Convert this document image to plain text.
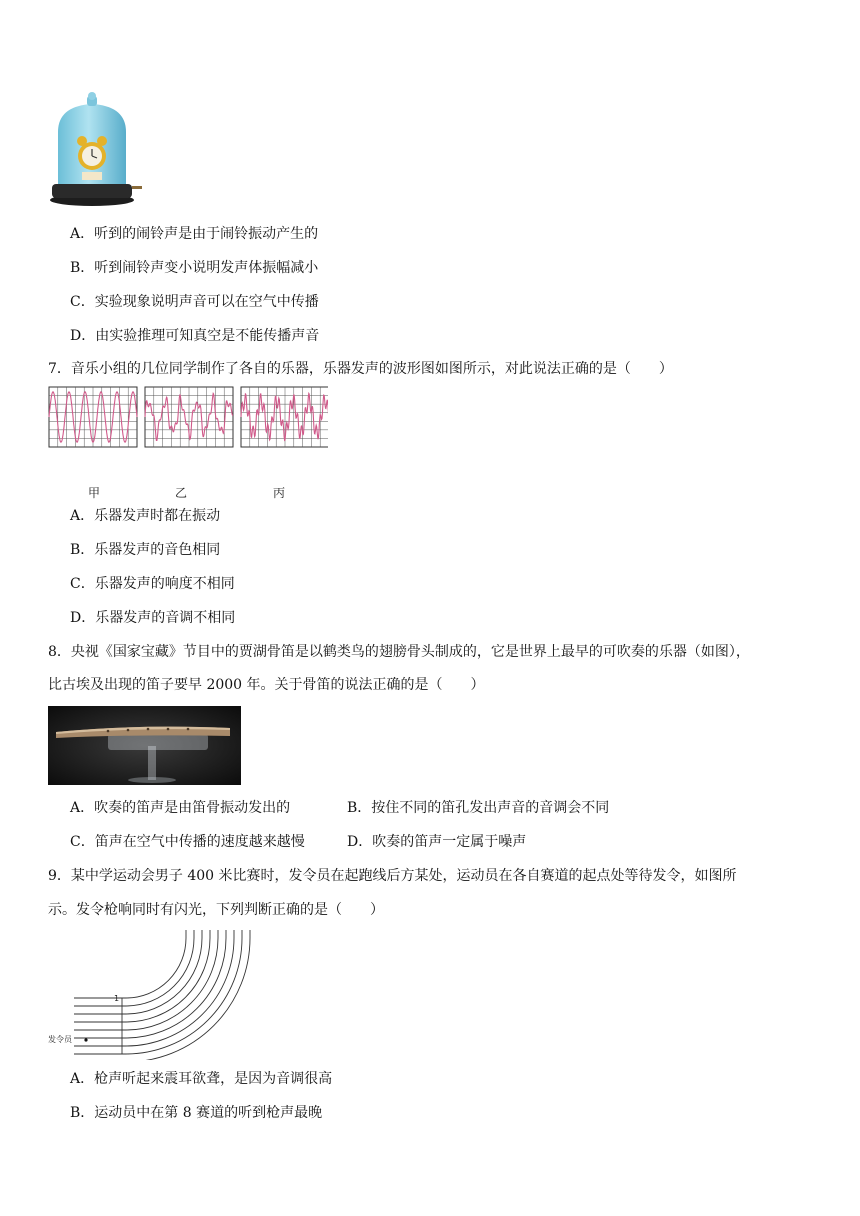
A．听到的闹铃声是由于闹铃振动产生的
B．听到闹铃声变小说明发声体振幅减小
C．实验现象说明声音可以在空气中传播
D．由实验推理可知真空是不能传播声音
7．音乐小组的几位同学制作了各自的乐器，乐器发声的波形图如图所示，对此说法正确的是（　　）
甲	乙	丙
A．乐器发声时都在振动
B．乐器发声的音色相同
C．乐器发声的响度不相同
D．乐器发声的音调不相同
8．央视《国家宝藏》节目中的贾湖骨笛是以鹤类鸟的翅膀骨头制成的，它是世界上最早的可吹奏的乐器（如图），
比古埃及出现的笛子要早 2000 年。关于骨笛的说法正确的是（　　）
A．吹奏的笛声是由笛骨振动发出的	B．按住不同的笛孔发出声音的音调会不同
C．笛声在空气中传播的速度越来越慢	D．吹奏的笛声一定属于噪声
9．某中学运动会男子 400 米比赛时，发令员在起跑线后方某处，运动员在各自赛道的起点处等待发令，如图所
示。发令枪响同时有闪光，下列判断正确的是（　　）
发令员
1
A．枪声听起来震耳欲聋，是因为音调很高
B．运动员中在第 8 赛道的听到枪声最晚
